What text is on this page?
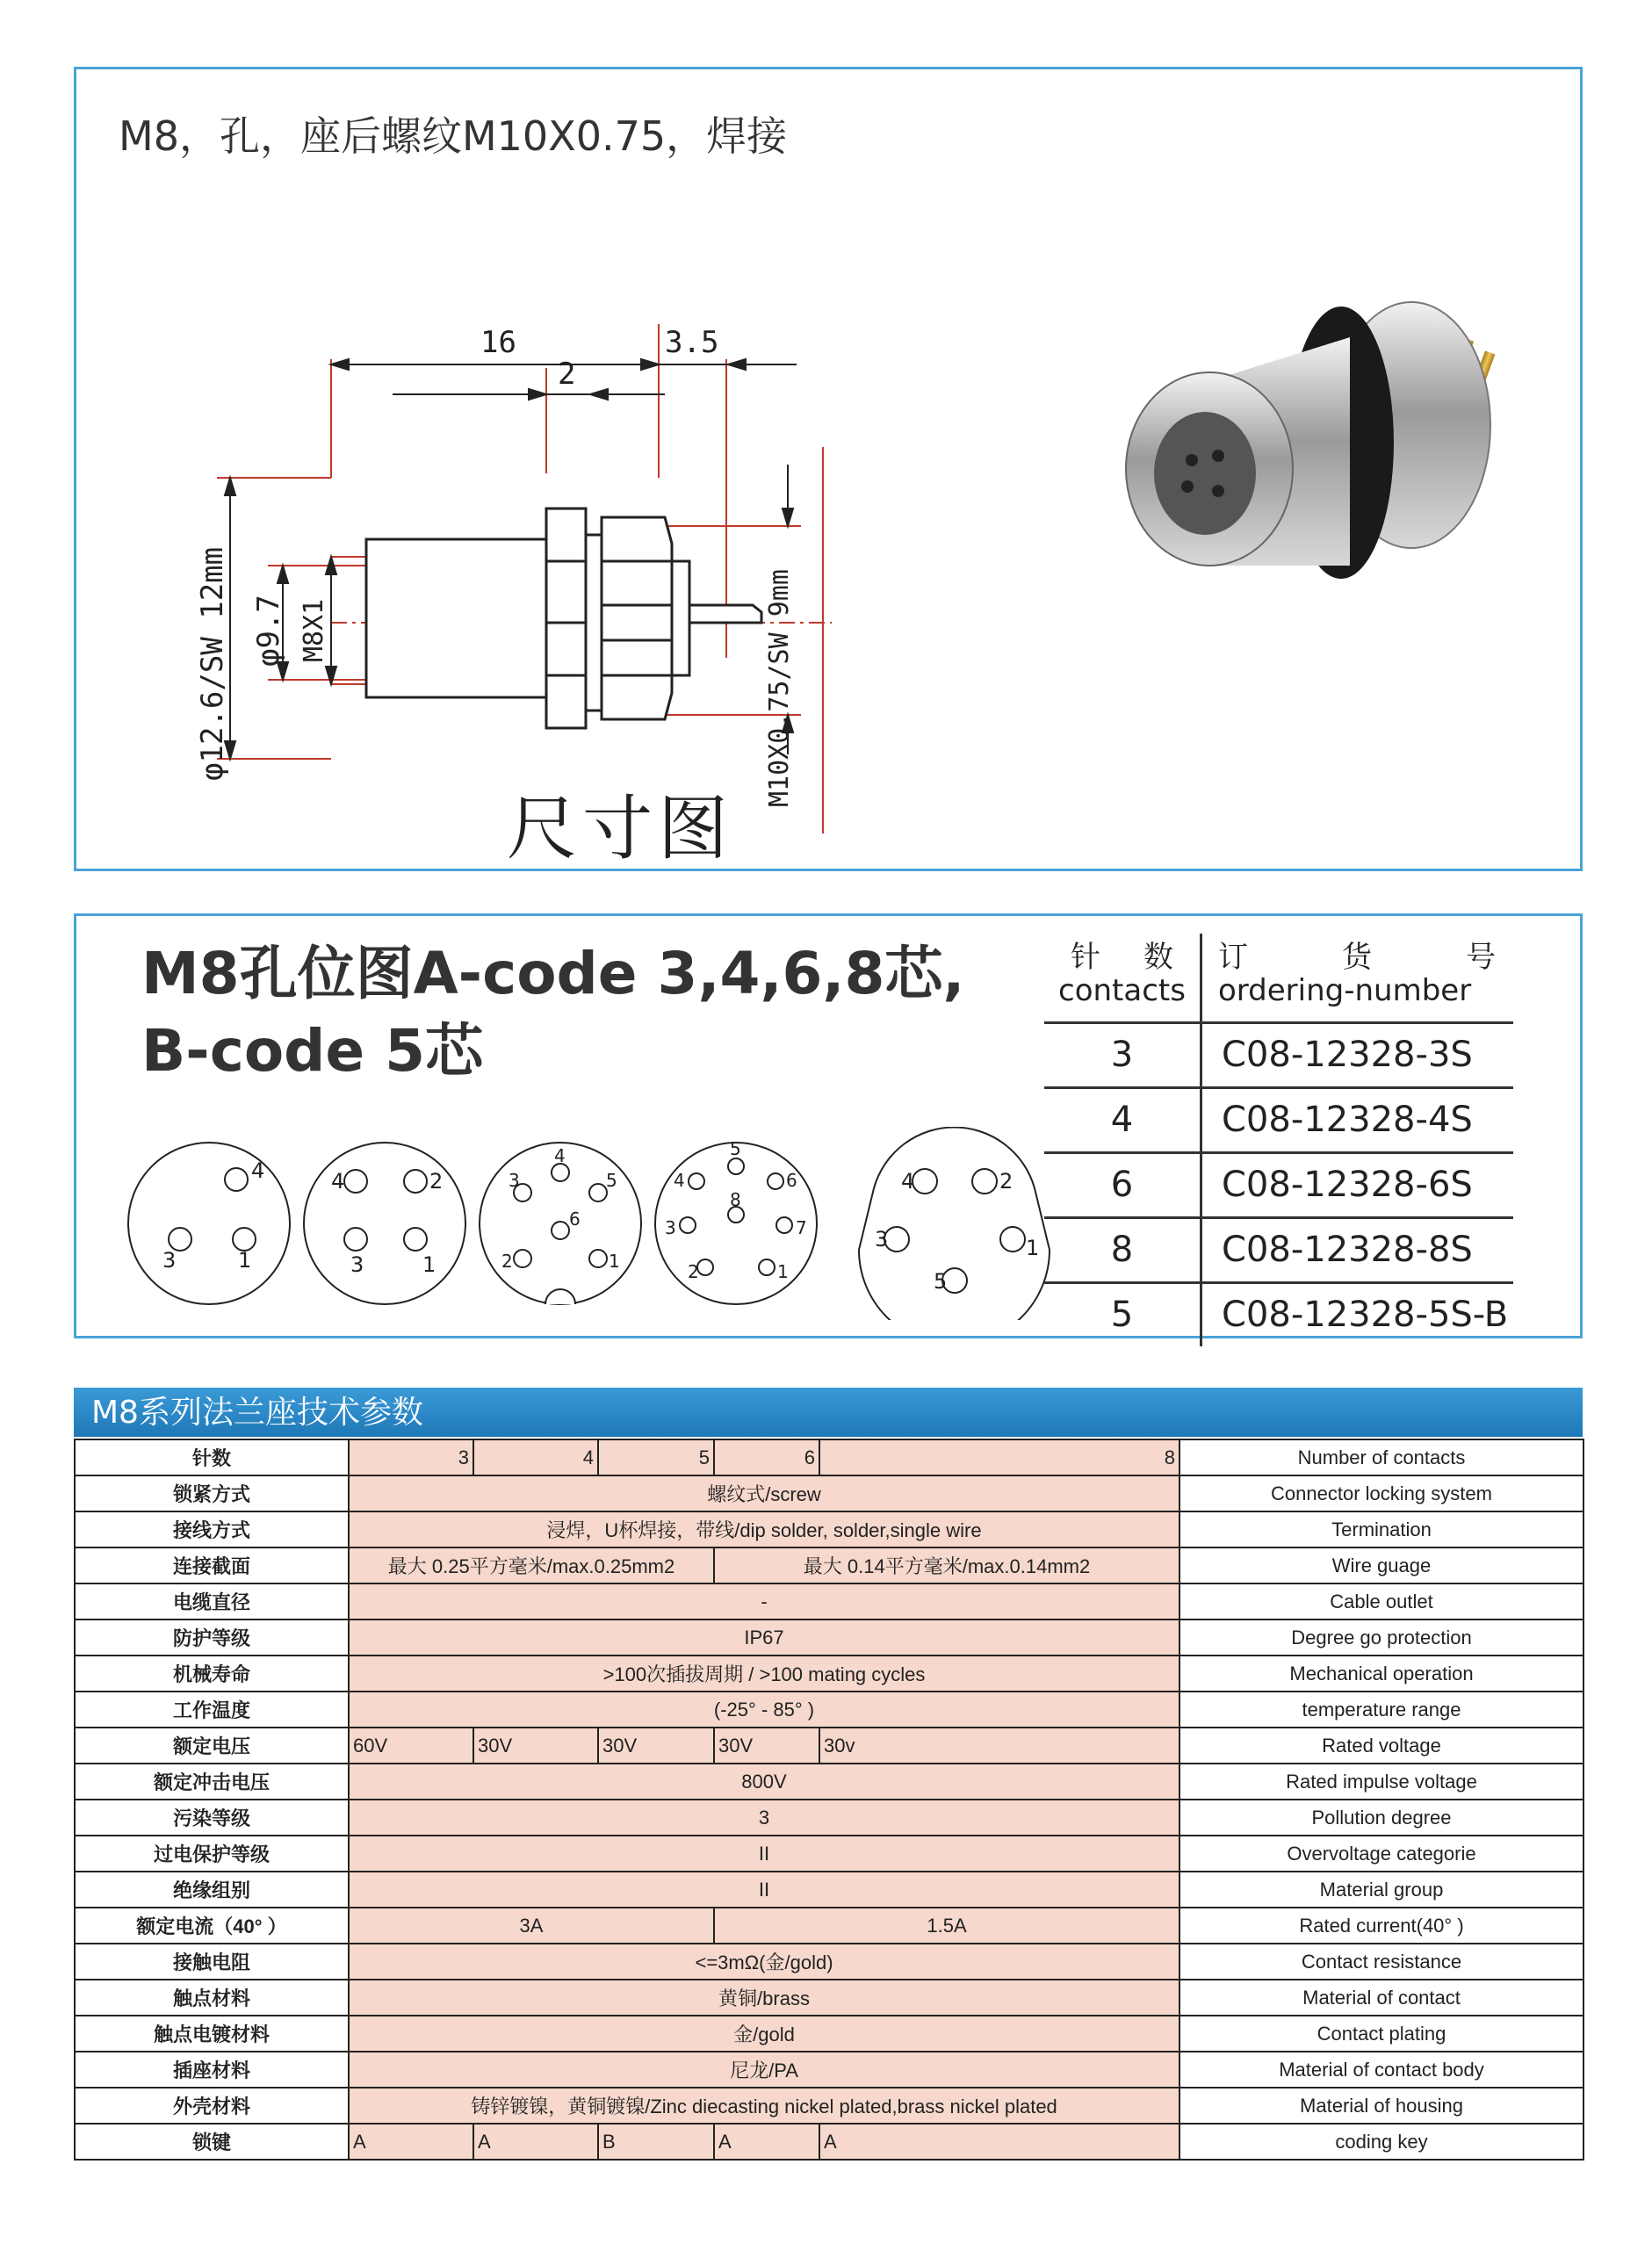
M8，孔，座后螺纹M10X0.75，焊接
16	3.5
2
φ12.6/SW 12mm φ9.7 M8X1	M10X0.75/SW 9mm
尺寸图
M8孔位图A-code 3,4,6,8芯,
B-code 5芯
4
3	1
4	2
3	1
4
3	5
6
2	1
5
4	6
8
3	7
2	1
4	2
3	1
5
针 数
contacts
订	货	号
ordering-number
3	C08-12328-3S
4	C08-12328-4S
6	C08-12328-6S
8	C08-12328-8S
5	C08-12328-5S-B
M8系列法兰座技术参数
针数	3	4	5	6	8	Number of contacts
锁紧方式	螺纹式/screw					Connector locking system
接线方式	浸焊，U杯焊接，带线/dip solder, solder,single wire					Termination
连接截面	最大 0.25平方毫米/max.0.25mm2			最大 0.14平方毫米/max.0.14mm2		Wire guage
电缆直径	-					Cable outlet
防护等级	IP67					Degree go protection
机械寿命	>100次插拔周期 / >100 mating cycles					Mechanical operation
工作温度	(-25° - 85° )					temperature range
额定电压	60V	30V	30V	30V	30v	Rated voltage
额定冲击电压	800V					Rated impulse voltage
污染等级	3					Pollution degree
过电保护等级	II					Overvoltage categorie
绝缘组别	II					Material group
额定电流（40° ）	3A			1.5A		Rated current(40° )
接触电阻	<=3mΩ(金/gold)					Contact resistance
触点材料	黄铜/brass					Material of contact
触点电镀材料	金/gold					Contact plating
插座材料	尼龙/PA					Material of contact body
外壳材料	铸锌镀镍，黄铜镀镍/Zinc diecasting nickel plated,brass nickel plated					Material of housing
锁键	A	A	B	A	A	coding key
